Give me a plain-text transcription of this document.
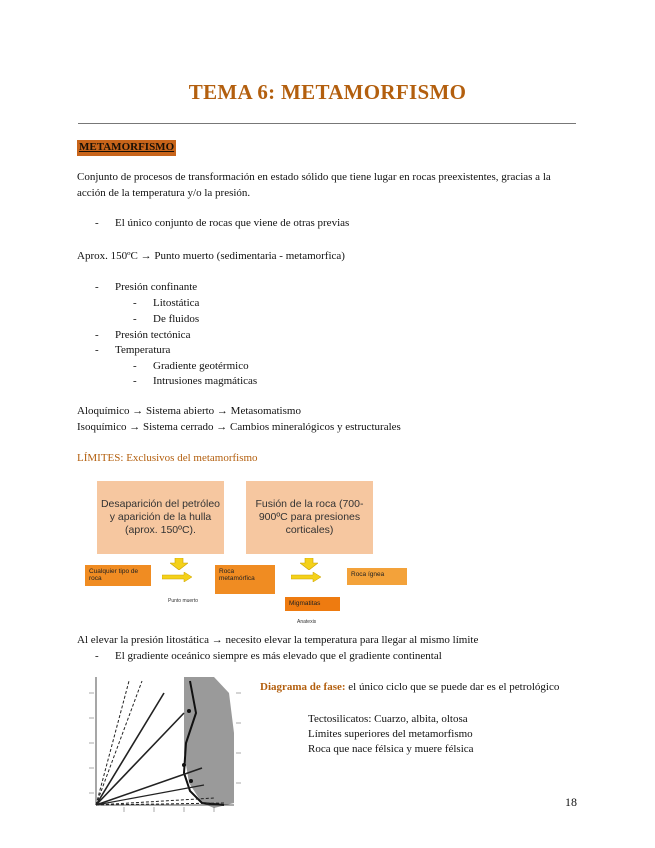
TEMA 6: METAMORFISMO
METAMORFISMO
Conjunto de procesos de transformación en estado sólido que tiene lugar en rocas preexistentes, gracias a la acción de la temperatura y/o la presión.
- El único conjunto de rocas que viene de otras previas
Aprox. 150ºC → Punto muerto (sedimentaria - metamorfica)
- Presión confinante
- Litostática
- De fluidos
- Presión tectónica
- Temperatura
- Gradiente geotérmico
- Intrusiones magmáticas
Aloquímico → Sistema abierto → Metasomatismo
Isoquímico → Sistema cerrado → Cambios mineralógicos y estructurales
LÍMITES: Exclusivos del metamorfismo
Desaparición del petróleo y aparición de la hulla (aprox. 150ºC).
Fusión de la roca (700-900ºC para presiones corticales)
Cualquier tipo de roca
Punto muerto
Roca metamórfica
Roca ígnea
Migmatitas
Anatexis
Al elevar la presión litostática → necesito elevar la temperatura para llegar al mismo límite
- El gradiente oceánico siempre es más elevado que el gradiente continental
Diagrama de fase: el único ciclo que se puede dar es el petrológico
Tectosilicatos: Cuarzo, albita, oltosa
Límites superiores del metamorfismo
Roca que nace félsica y muere félsica
18
